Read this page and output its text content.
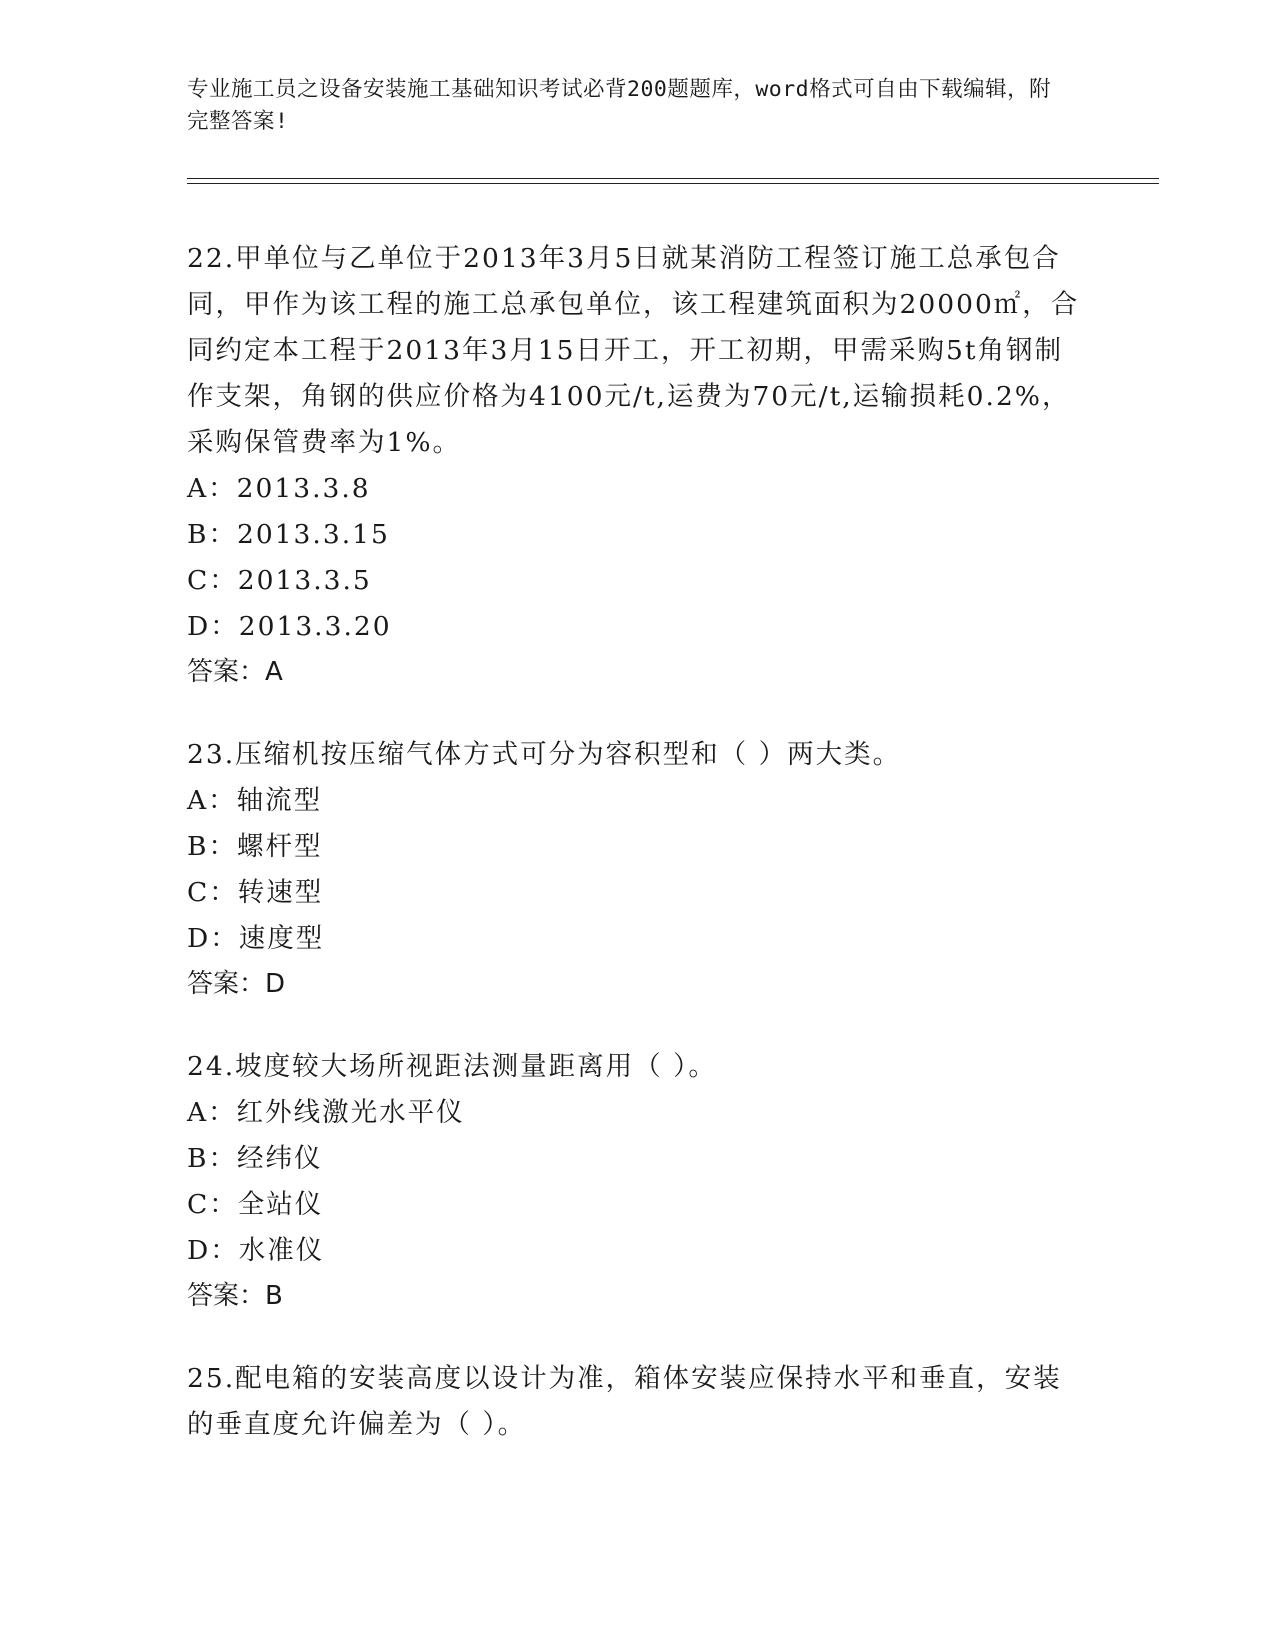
专业施工员之设备安装施工基础知识考试必背200题题库，word格式可自由下载编辑，附完整答案!

22.甲单位与乙单位于2013年3月5日就某消防工程签订施工总承包合同，甲作为该工程的施工总承包单位，该工程建筑面积为20000㎡，合同约定本工程于2013年3月15日开工，开工初期，甲需采购5t角钢制作支架，角钢的供应价格为4100元/t,运费为70元/t,运输损耗0.2%，采购保管费率为1%。

A：2013.3.8

B：2013.3.15

C：2013.3.5

D：2013.3.20

答案：A

23.压缩机按压缩气体方式可分为容积型和（ ）两大类。

A：轴流型

B：螺杆型

C：转速型

D：速度型

答案：D

24.坡度较大场所视距法测量距离用（ ）。

A：红外线激光水平仪

B：经纬仪

C：全站仪

D：水准仪

答案：B

25.配电箱的安装高度以设计为准，箱体安装应保持水平和垂直，安装的垂直度允许偏差为（ ）。
